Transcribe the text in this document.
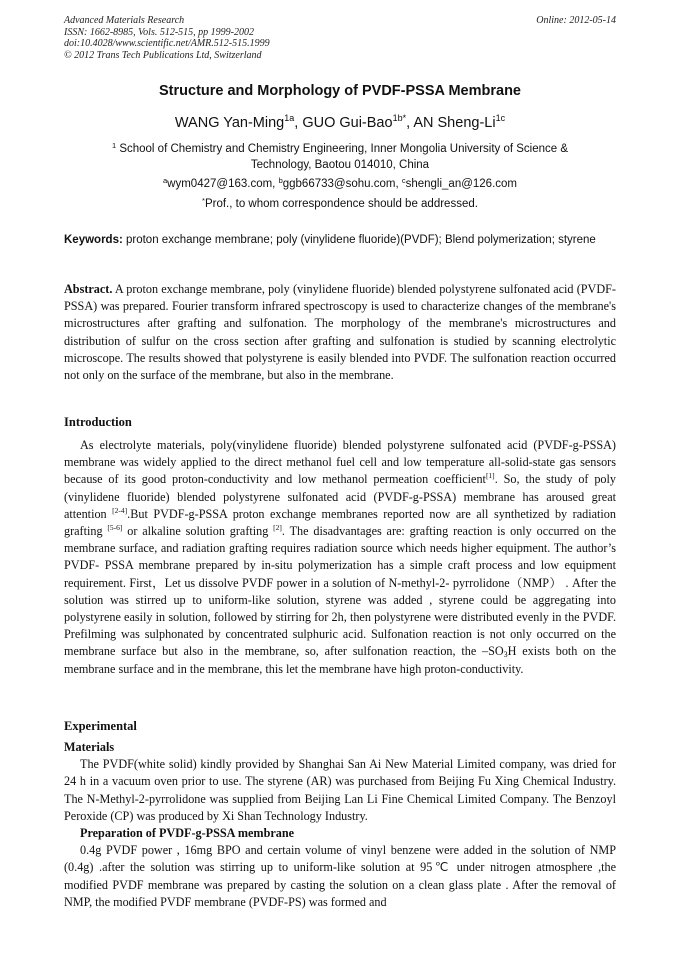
Advanced Materials Research
ISSN: 1662-8985, Vols. 512-515, pp 1999-2002
doi:10.4028/www.scientific.net/AMR.512-515.1999
© 2012 Trans Tech Publications Ltd, Switzerland
Online: 2012-05-14
Structure and Morphology of PVDF-PSSA Membrane
WANG Yan-Ming$^{1a}$, GUO Gui-Bao$^{1b*}$, AN Sheng-$Li^{1c}$
$^1$ School of Chemistry and Chemistry Engineering, Inner Mongolia University of Science & Technology, Baotou 014010, China
$^a$wym0427@163.com, $^b$ggb66733@sohu.com, $^c$shengli_an@126.com
*Prof., to whom correspondence should be addressed.
Keywords: proton exchange membrane; poly (vinylidene fluoride)(PVDF); Blend polymerization; styrene

Abstract. A proton exchange membrane, poly (vinylidene fluoride) blended polystyrene sulfonated acid (PVDF-PSSA) was prepared. Fourier transform infrared spectroscopy is used to characterize changes of the membrane's microstructures after grafting and sulfonation. The morphology of the membrane's microstructures and distribution of sulfur on the cross section after grafting and sulfonation is studied by scanning electrolytic microscope. The results showed that polystyrene is easily blended into PVDF. The sulfonation reaction occurred not only on the surface of the membrane, but also in the membrane.

Introduction

As electrolyte materials, poly(vinylidene fluoride) blended polystyrene sulfonated acid (PVDF-g-PSSA) membrane was widely applied to the direct methanol fuel cell and low temperature all-solid-state gas sensors because of its good proton-conductivity and low methanol permeation coefficient[1]. So, the study of poly (vinylidene fluoride) blended polystyrene sulfonated acid (PVDF-g-PSSA) membrane has aroused great attention [2-4].But PVDF-g-PSSA proton exchange membranes reported now are all synthetized by radiation grafting [5-6] or alkaline solution grafting [2]. The disadvantages are: grafting reaction is only occurred on the membrane surface, and radiation grafting requires radiation source which needs higher equipment. The author’s PVDF- PSSA membrane prepared by in-situ polymerization has a simple craft process and low equipment requirement. First，Let us dissolve PVDF power in a solution of N-methyl-2- pyrrolidone（NMP） . After the solution was stirred up to uniform-like solution, styrene was added , styrene could be aggregating into polystyrene easily in solution, followed by stirring for 2h, then polystyrene were distributed evenly in the PVDF. Prefilming was sulphonated by concentrated sulphuric acid. Sulfonation reaction is not only occurred on the membrane surface but also in the membrane, so, after sulfonation reaction, the $-SO_3H$ exists both on the membrane surface and in the membrane, this let the membrane have high proton-conductivity.

Experimental

Materials

The PVDF(white solid) kindly provided by Shanghai San Ai New Material Limited company, was dried for 24 h in a vacuum oven prior to use. The styrene (AR) was purchased from Beijing Fu Xing Chemical Industry. The N-Methyl-2-pyrrolidone was supplied from Beijing Lan Li Fine Chemical Limited Company. The Benzoyl Peroxide (CP) was produced by Xi Shan Technology Industry.

Preparation of PVDF-g-PSSA membrane

0.4g PVDF power , 16mg BPO and certain volume of vinyl benzene were added in the solution of NMP (0.4g) .after the solution was stirring up to uniform-like solution at 95℃ under nitrogen atmosphere ,the modified PVDF membrane was prepared by casting the solution on a clean glass plate . After the removal of NMP, the modified PVDF membrane (PVDF-PS) was formed and
